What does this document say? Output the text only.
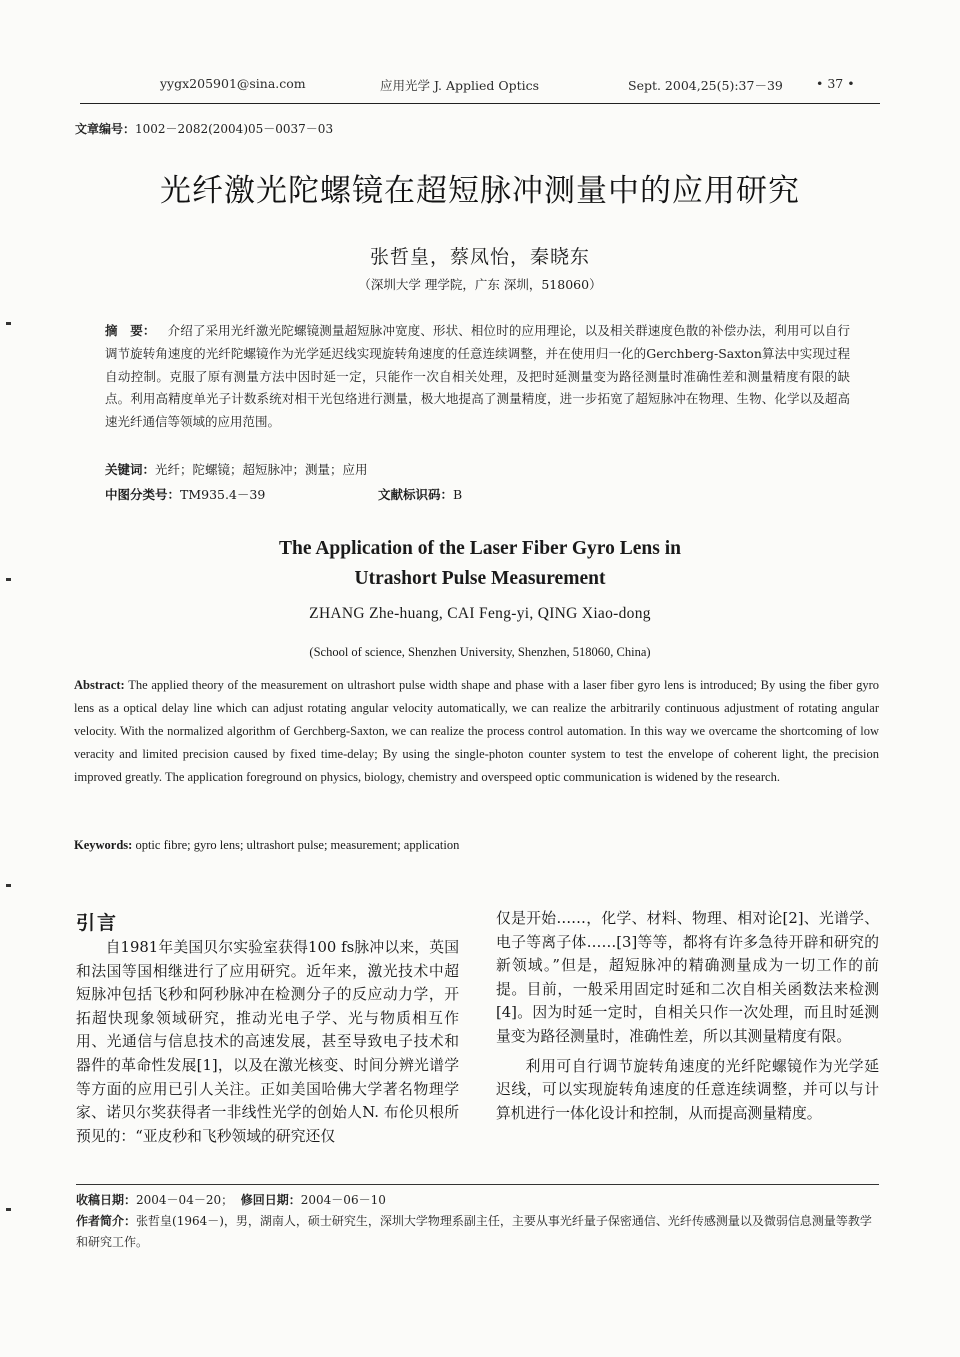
yygx205901@sina.com	应用光学 J. Applied Optics	Sept. 2004,25(5):37－39	• 37 •
文章编号：1002－2082(2004)05－0037－03
光纤激光陀螺镜在超短脉冲测量中的应用研究
张哲皇，蔡凤怡，秦晓东
（深圳大学 理学院，广东 深圳，518060）
摘　要： 介绍了采用光纤激光陀螺镜测量超短脉冲宽度、形状、相位时的应用理论，以及相关群速度色散的补偿办法，利用可以自行调节旋转角速度的光纤陀螺镜作为光学延迟线实现旋转角速度的任意连续调整，并在使用归一化的Gerchberg-Saxton算法中实现过程自动控制。克服了原有测量方法中因时延一定，只能作一次自相关处理，及把时延测量变为路径测量时准确性差和测量精度有限的缺点。利用高精度单光子计数系统对相干光包络进行测量，极大地提高了测量精度，进一步拓宽了超短脉冲在物理、生物、化学以及超高速光纤通信等领域的应用范围。
关键词：光纤；陀螺镜；超短脉冲；测量；应用
中图分类号：TM935.4－39	文献标识码：B
The Application of the Laser Fiber Gyro Lens in
Utrashort Pulse Measurement
ZHANG Zhe-huang, CAI Feng-yi, QING Xiao-dong
(School of science, Shenzhen University, Shenzhen, 518060, China)
Abstract: The applied theory of the measurement on ultrashort pulse width shape and phase with a laser fiber gyro lens is introduced; By using the fiber gyro lens as a optical delay line which can adjust rotating angular velocity automatically, we can realize the arbitrarily continuous adjustment of rotating angular velocity. With the normalized algorithm of Gerchberg-Saxton, we can realize the process control automation. In this way we overcame the shortcoming of low veracity and limited precision caused by fixed time-delay; By using the single-photon counter system to test the envelope of coherent light, the precision improved greatly. The application foreground on physics, biology, chemistry and overspeed optic communication is widened by the research.
Keywords: optic fibre; gyro lens; ultrashort pulse; measurement; application
引言

自1981年美国贝尔实验室获得100 fs脉冲以来，英国和法国等国相继进行了应用研究。近年来，激光技术中超短脉冲包括飞秒和阿秒脉冲在检测分子的反应动力学，开拓超快现象领域研究，推动光电子学、光与物质相互作用、光通信与信息技术的高速发展，甚至导致电子技术和器件的革命性发展[1]，以及在激光核变、时间分辨光谱学等方面的应用已引人关注。正如美国哈佛大学著名物理学家、诺贝尔奖获得者一非线性光学的创始人N. 布伦贝根所预见的：“亚皮秒和飞秒领域的研究还仅

仅是开始……，化学、材料、物理、相对论[2]、光谱学、电子等离子体……[3]等等，都将有许多急待开辟和研究的新领域。”但是，超短脉冲的精确测量成为一切工作的前提。目前，一般采用固定时延和二次自相关函数法来检测[4]。因为时延一定时，自相关只作一次处理，而且时延测量变为路径测量时，准确性差，所以其测量精度有限。

利用可自行调节旋转角速度的光纤陀螺镜作为光学延迟线，可以实现旋转角速度的任意连续调整，并可以与计算机进行一体化设计和控制，从而提高测量精度。

收稿日期：2004－04－20； 修回日期：2004－06－10
作者简介：张哲皇(1964－)，男，湖南人，硕士研究生，深圳大学物理系副主任，主要从事光纤量子保密通信、光纤传感测量以及微弱信息测量等教学和研究工作。
